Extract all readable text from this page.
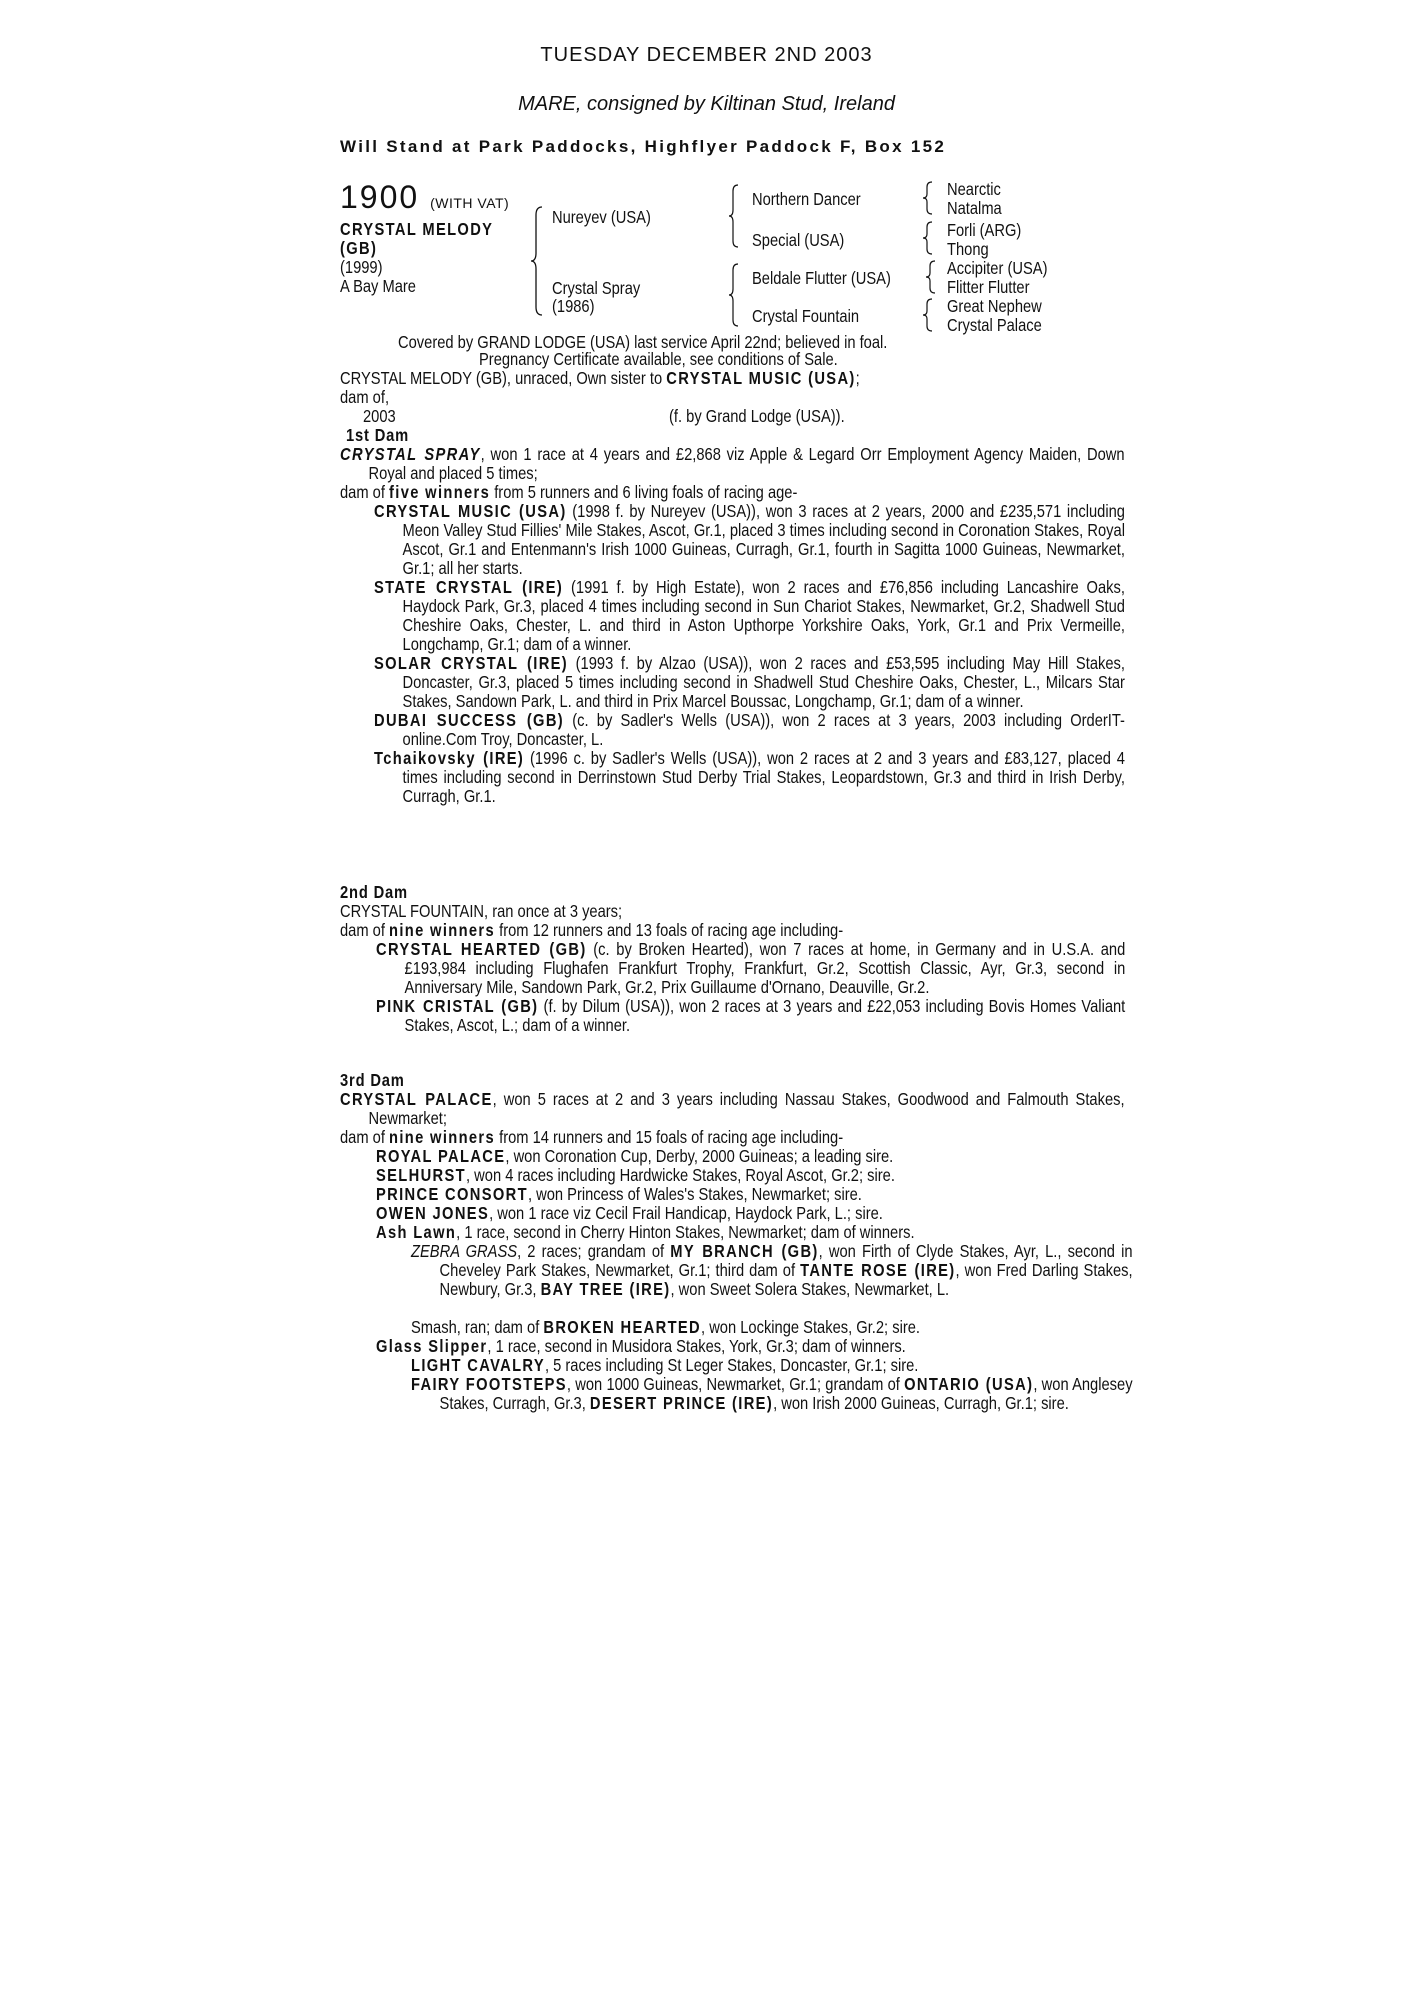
TUESDAY DECEMBER 2ND 2003
MARE, consigned by Kiltinan Stud, Ireland
Will Stand at Park Paddocks, Highflyer Paddock F, Box 152
1900 (WITH VAT)
CRYSTAL MELODY
(GB)
(1999)
A Bay Mare
Nureyev (USA)
Crystal Spray
(1986)
Northern Dancer
Special (USA)
Beldale Flutter (USA)
Crystal Fountain
Nearctic
Natalma
Forli (ARG)
Thong
Accipiter (USA)
Flitter Flutter
Great Nephew
Crystal Palace
Covered by GRAND LODGE (USA) last service April 22nd; believed in foal.
Pregnancy Certificate available, see conditions of Sale.
CRYSTAL MELODY (GB), unraced, Own sister to CRYSTAL MUSIC (USA);
dam of,
2003	(f. by Grand Lodge (USA)).
1st Dam
CRYSTAL SPRAY, won 1 race at 4 years and £2,868 viz Apple & Legard Orr Employment Agency Maiden, Down Royal and placed 5 times;
dam of five winners from 5 runners and 6 living foals of racing age-
CRYSTAL MUSIC (USA) (1998 f. by Nureyev (USA)), won 3 races at 2 years, 2000 and £235,571 including Meon Valley Stud Fillies' Mile Stakes, Ascot, Gr.1, placed 3 times including second in Coronation Stakes, Royal Ascot, Gr.1 and Entenmann's Irish 1000 Guineas, Curragh, Gr.1, fourth in Sagitta 1000 Guineas, Newmarket, Gr.1; all her starts.
STATE CRYSTAL (IRE) (1991 f. by High Estate), won 2 races and £76,856 including Lancashire Oaks, Haydock Park, Gr.3, placed 4 times including second in Sun Chariot Stakes, Newmarket, Gr.2, Shadwell Stud Cheshire Oaks, Chester, L. and third in Aston Upthorpe Yorkshire Oaks, York, Gr.1 and Prix Vermeille, Longchamp, Gr.1; dam of a winner.
SOLAR CRYSTAL (IRE) (1993 f. by Alzao (USA)), won 2 races and £53,595 including May Hill Stakes, Doncaster, Gr.3, placed 5 times including second in Shadwell Stud Cheshire Oaks, Chester, L., Milcars Star Stakes, Sandown Park, L. and third in Prix Marcel Boussac, Longchamp, Gr.1; dam of a winner.
DUBAI SUCCESS (GB) (c. by Sadler's Wells (USA)), won 2 races at 3 years, 2003 including OrderIT-online.Com Troy, Doncaster, L.
Tchaikovsky (IRE) (1996 c. by Sadler's Wells (USA)), won 2 races at 2 and 3 years and £83,127, placed 4 times including second in Derrinstown Stud Derby Trial Stakes, Leopardstown, Gr.3 and third in Irish Derby, Curragh, Gr.1.
2nd Dam
CRYSTAL FOUNTAIN, ran once at 3 years;
dam of nine winners from 12 runners and 13 foals of racing age including-
CRYSTAL HEARTED (GB) (c. by Broken Hearted), won 7 races at home, in Germany and in U.S.A. and £193,984 including Flughafen Frankfurt Trophy, Frankfurt, Gr.2, Scottish Classic, Ayr, Gr.3, second in Anniversary Mile, Sandown Park, Gr.2, Prix Guillaume d'Ornano, Deauville, Gr.2.
PINK CRISTAL (GB) (f. by Dilum (USA)), won 2 races at 3 years and £22,053 including Bovis Homes Valiant Stakes, Ascot, L.; dam of a winner.
3rd Dam
CRYSTAL PALACE, won 5 races at 2 and 3 years including Nassau Stakes, Goodwood and Falmouth Stakes, Newmarket;
dam of nine winners from 14 runners and 15 foals of racing age including-
ROYAL PALACE, won Coronation Cup, Derby, 2000 Guineas; a leading sire.
SELHURST, won 4 races including Hardwicke Stakes, Royal Ascot, Gr.2; sire.
PRINCE CONSORT, won Princess of Wales's Stakes, Newmarket; sire.
OWEN JONES, won 1 race viz Cecil Frail Handicap, Haydock Park, L.; sire.
Ash Lawn, 1 race, second in Cherry Hinton Stakes, Newmarket; dam of winners.
ZEBRA GRASS, 2 races; grandam of MY BRANCH (GB), won Firth of Clyde Stakes, Ayr, L., second in Cheveley Park Stakes, Newmarket, Gr.1; third dam of TANTE ROSE (IRE), won Fred Darling Stakes, Newbury, Gr.3, BAY TREE (IRE), won Sweet Solera Stakes, Newmarket, L.
Smash, ran; dam of BROKEN HEARTED, won Lockinge Stakes, Gr.2; sire.
Glass Slipper, 1 race, second in Musidora Stakes, York, Gr.3; dam of winners.
LIGHT CAVALRY, 5 races including St Leger Stakes, Doncaster, Gr.1; sire.
FAIRY FOOTSTEPS, won 1000 Guineas, Newmarket, Gr.1; grandam of ONTARIO (USA), won Anglesey Stakes, Curragh, Gr.3, DESERT PRINCE (IRE), won Irish 2000 Guineas, Curragh, Gr.1; sire.
